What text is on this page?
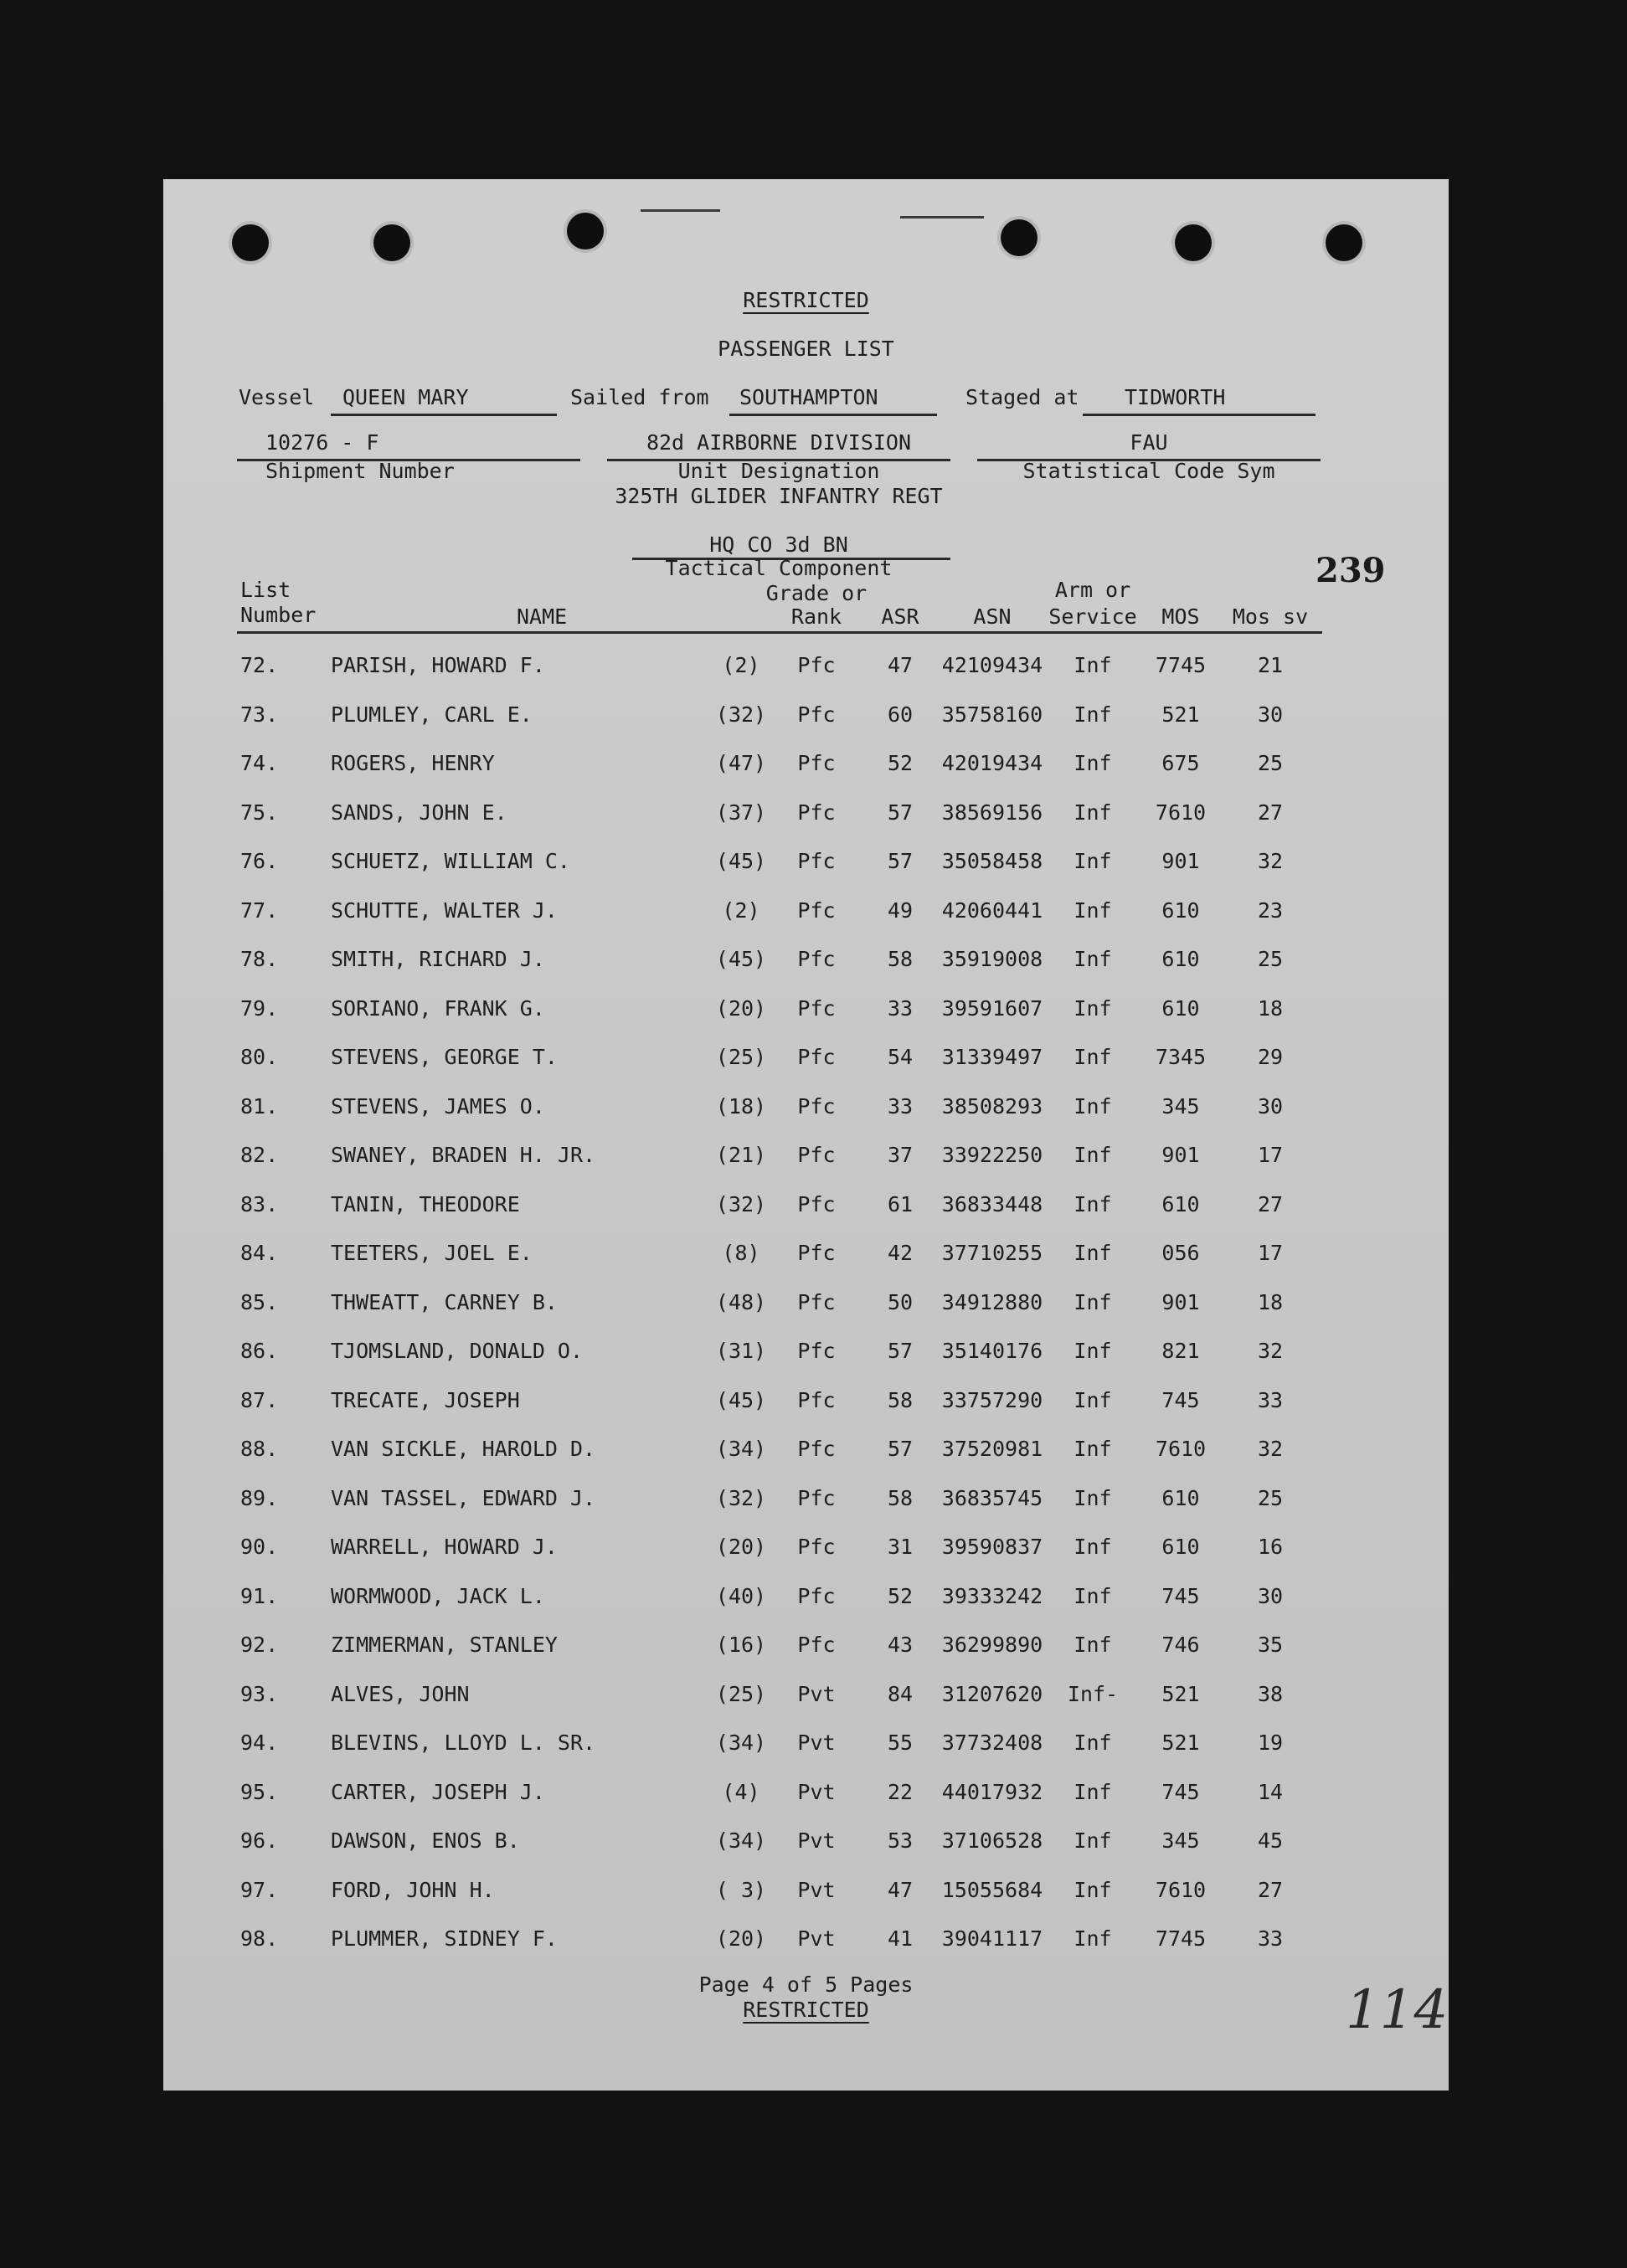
RESTRICTED
PASSENGER LIST
Vessel QUEEN MARY	Sailed from SOUTHAMPTON	Staged at TIDWORTH
10276 - F
Shipment Number
82d AIRBORNE DIVISION
Unit Designation
325TH GLIDER INFANTRY REGT
HQ CO 3d BN
Tactical Component
FAU
Statistical Code Sym
239
List
Number	NAME
Grade or
Rank	ASR	ASN
Arm or
Service	MOS	Mos sv
72.	PARISH, HOWARD F.	(2)	Pfc	47	42109434	Inf	7745	21
73.	PLUMLEY, CARL E.	(32)	Pfc	60	35758160	Inf	521	30
74.	ROGERS, HENRY	(47)	Pfc	52	42019434	Inf	675	25
75.	SANDS, JOHN E.	(37)	Pfc	57	38569156	Inf	7610	27
76.	SCHUETZ, WILLIAM C.	(45)	Pfc	57	35058458	Inf	901	32
77.	SCHUTTE, WALTER J.	(2)	Pfc	49	42060441	Inf	610	23
78.	SMITH, RICHARD J.	(45)	Pfc	58	35919008	Inf	610	25
79.	SORIANO, FRANK G.	(20)	Pfc	33	39591607	Inf	610	18
80.	STEVENS, GEORGE T.	(25)	Pfc	54	31339497	Inf	7345	29
81.	STEVENS, JAMES O.	(18)	Pfc	33	38508293	Inf	345	30
82.	SWANEY, BRADEN H. JR.	(21)	Pfc	37	33922250	Inf	901	17
83.	TANIN, THEODORE	(32)	Pfc	61	36833448	Inf	610	27
84.	TEETERS, JOEL E.	(8)	Pfc	42	37710255	Inf	056	17
85.	THWEATT, CARNEY B.	(48)	Pfc	50	34912880	Inf	901	18
86.	TJOMSLAND, DONALD O.	(31)	Pfc	57	35140176	Inf	821	32
87.	TRECATE, JOSEPH	(45)	Pfc	58	33757290	Inf	745	33
88.	VAN SICKLE, HAROLD D.	(34)	Pfc	57	37520981	Inf	7610	32
89.	VAN TASSEL, EDWARD J.	(32)	Pfc	58	36835745	Inf	610	25
90.	WARRELL, HOWARD J.	(20)	Pfc	31	39590837	Inf	610	16
91.	WORMWOOD, JACK L.	(40)	Pfc	52	39333242	Inf	745	30
92.	ZIMMERMAN, STANLEY	(16)	Pfc	43	36299890	Inf	746	35
93.	ALVES, JOHN	(25)	Pvt	84	31207620	Inf-	521	38
94.	BLEVINS, LLOYD L. SR.	(34)	Pvt	55	37732408	Inf	521	19
95.	CARTER, JOSEPH J.	(4)	Pvt	22	44017932	Inf	745	14
96.	DAWSON, ENOS B.	(34)	Pvt	53	37106528	Inf	345	45
97.	FORD, JOHN H.	( 3)	Pvt	47	15055684	Inf	7610	27
98.	PLUMMER, SIDNEY F.	(20)	Pvt	41	39041117	Inf	7745	33
Page 4 of 5 Pages
RESTRICTED	114
